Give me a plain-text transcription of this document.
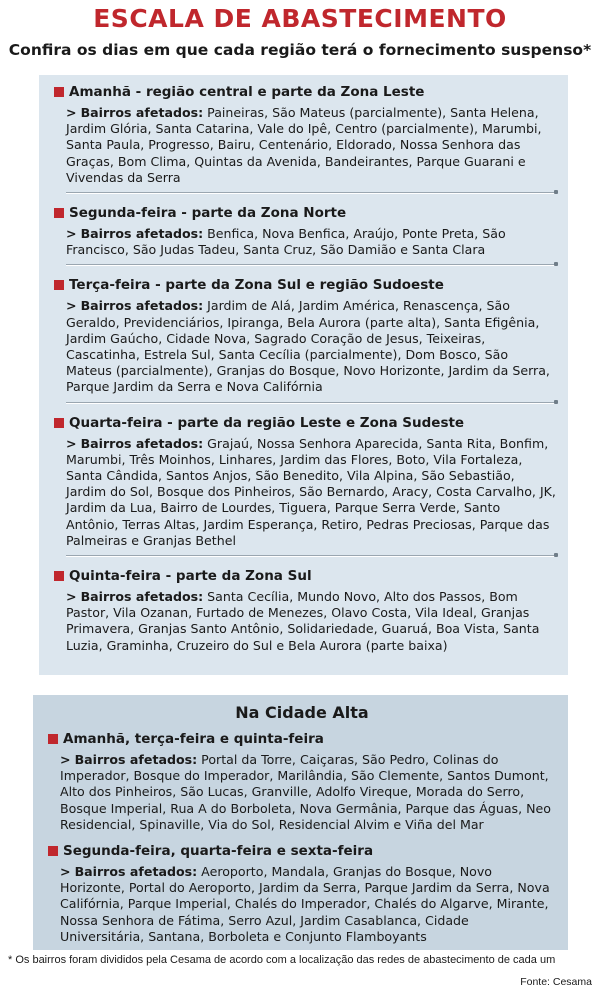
ESCALA DE ABASTECIMENTO
Confira os dias em que cada região terá o fornecimento suspenso*
Amanhã - região central e parte da Zona Leste
> Bairros afetados: Paineiras, São Mateus (parcialmente), Santa Helena, Jardim Glória, Santa Catarina, Vale do Ipê, Centro (parcialmente), Marumbi, Santa Paula, Progresso, Bairu, Centenário, Eldorado, Nossa Senhora das Graças, Bom Clima, Quintas da Avenida, Bandeirantes, Parque Guarani e Vivendas da Serra
Segunda-feira - parte da Zona Norte
> Bairros afetados: Benfica, Nova Benfica, Araújo, Ponte Preta, São Francisco, São Judas Tadeu, Santa Cruz, São Damião e Santa Clara
Terça-feira - parte da Zona Sul e região Sudoeste
> Bairros afetados: Jardim de Alá, Jardim América, Renascença, São Geraldo, Previdenciários, Ipiranga, Bela Aurora (parte alta), Santa Efigênia, Jardim Gaúcho, Cidade Nova, Sagrado Coração de Jesus, Teixeiras, Cascatinha, Estrela Sul, Santa Cecília (parcialmente), Dom Bosco, São Mateus (parcialmente), Granjas do Bosque, Novo Horizonte, Jardim da Serra, Parque Jardim da Serra e Nova Califórnia
Quarta-feira - parte da região Leste e Zona Sudeste
> Bairros afetados: Grajaú, Nossa Senhora Aparecida, Santa Rita, Bonfim, Marumbi, Três Moinhos, Linhares, Jardim das Flores, Boto, Vila Fortaleza, Santa Cândida, Santos Anjos, São Benedito, Vila Alpina, São Sebastião, Jardim do Sol, Bosque dos Pinheiros, São Bernardo, Aracy, Costa Carvalho, JK, Jardim da Lua, Bairro de Lourdes, Tiguera, Parque Serra Verde, Santo Antônio, Terras Altas, Jardim Esperança, Retiro, Pedras Preciosas, Parque das Palmeiras e Granjas Bethel
Quinta-feira - parte da Zona Sul
> Bairros afetados: Santa Cecília, Mundo Novo, Alto dos Passos, Bom Pastor, Vila Ozanan, Furtado de Menezes, Olavo Costa, Vila Ideal, Granjas Primavera, Granjas Santo Antônio, Solidariedade, Guaruá, Boa Vista, Santa Luzia, Graminha, Cruzeiro do Sul e Bela Aurora (parte baixa)
Na Cidade Alta
Amanhã, terça-feira e quinta-feira
> Bairros afetados: Portal da Torre, Caiçaras, São Pedro, Colinas do Imperador, Bosque do Imperador, Marilândia, São Clemente, Santos Dumont, Alto dos Pinheiros, São Lucas, Granville, Adolfo Vireque, Morada do Serro, Bosque Imperial, Rua A do Borboleta, Nova Germânia, Parque das Águas, Neo Residencial, Spinaville, Via do Sol, Residencial Alvim e Viña del Mar
Segunda-feira, quarta-feira e sexta-feira
> Bairros afetados: Aeroporto, Mandala, Granjas do Bosque, Novo Horizonte, Portal do Aeroporto, Jardim da Serra, Parque Jardim da Serra, Nova Califórnia, Parque Imperial, Chalés do Imperador, Chalés do Algarve, Mirante, Nossa Senhora de Fátima, Serro Azul, Jardim Casablanca, Cidade Universitária, Santana, Borboleta e Conjunto Flamboyants
* Os bairros foram divididos pela Cesama de acordo com a localização das redes de abastecimento de cada um
Fonte: Cesama
